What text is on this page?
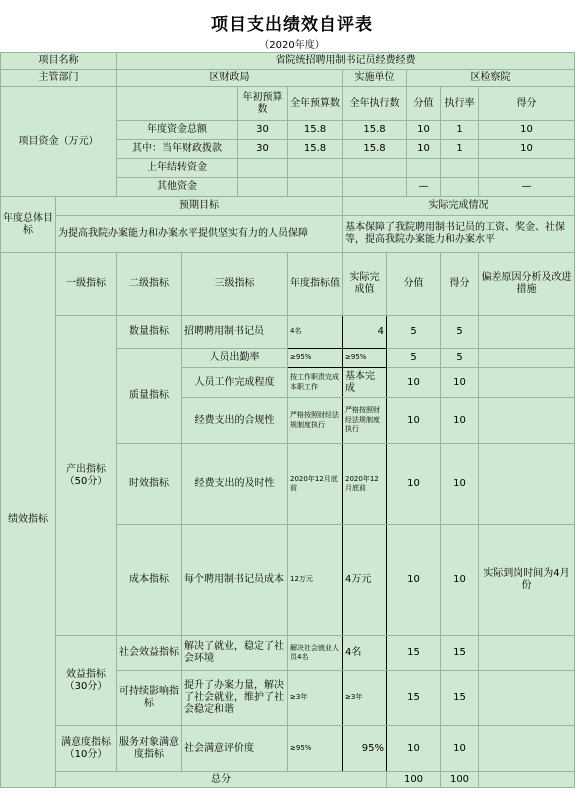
项目支出绩效自评表
（2020年度）
项目名称		省院统招聘用制书记员经费经费								
主管部门		区财政局				实施单位		区检察院		
项目资金（万元）				年初预算数	全年预算数	全年执行数		分值	执行率	得分
		年度资金总额		30	15.8	15.8		10	1	10
		其中：当年财政拨款		30	15.8	15.8		10	1	10
		上年结转资金								
		其他资金						—		—
年度总体目标	预期目标					实际完成情况				
	为提高我院办案能力和办案水平提供坚实有力的人员保障					基本保障了我院聘用制书记员的工资、奖金、社保等，提高我院办案能力和办案水平				
绩效指标	一级指标	二级指标	三级指标		年度指标值	实际完成值	分值		得分	偏差原因分析及改进措施
	产出指标（50分）	数量指标	招聘聘用制书记员		4名	4	5		5	
		质量指标	人员出勤率		≥95%	≥95%	5		5	
			人员工作完成程度		按工作职责完成本职工作	基本完成	10		10	
			经费支出的合规性		严格按照财经法规制度执行	严格按照财经法规制度执行	10		10	
		时效指标	经费支出的及时性		2020年12月底前	2020年12月底前	10		10	
		成本指标	每个聘用制书记员成本		12万元	4万元	10		10	实际到岗时间为4月份
	效益指标（30分）	社会效益指标	解决了就业，稳定了社会环境		解决社会就业人员4名	4名	15		15	
		可持续影响指标	提升了办案力量，解决了社会就业，维护了社会稳定和谐		≥3年	≥3年	15		15	
	满意度指标（10分）	服务对象满意度指标	社会满意评价度		≥95%	95%	10		10	
	总分						100		100	
